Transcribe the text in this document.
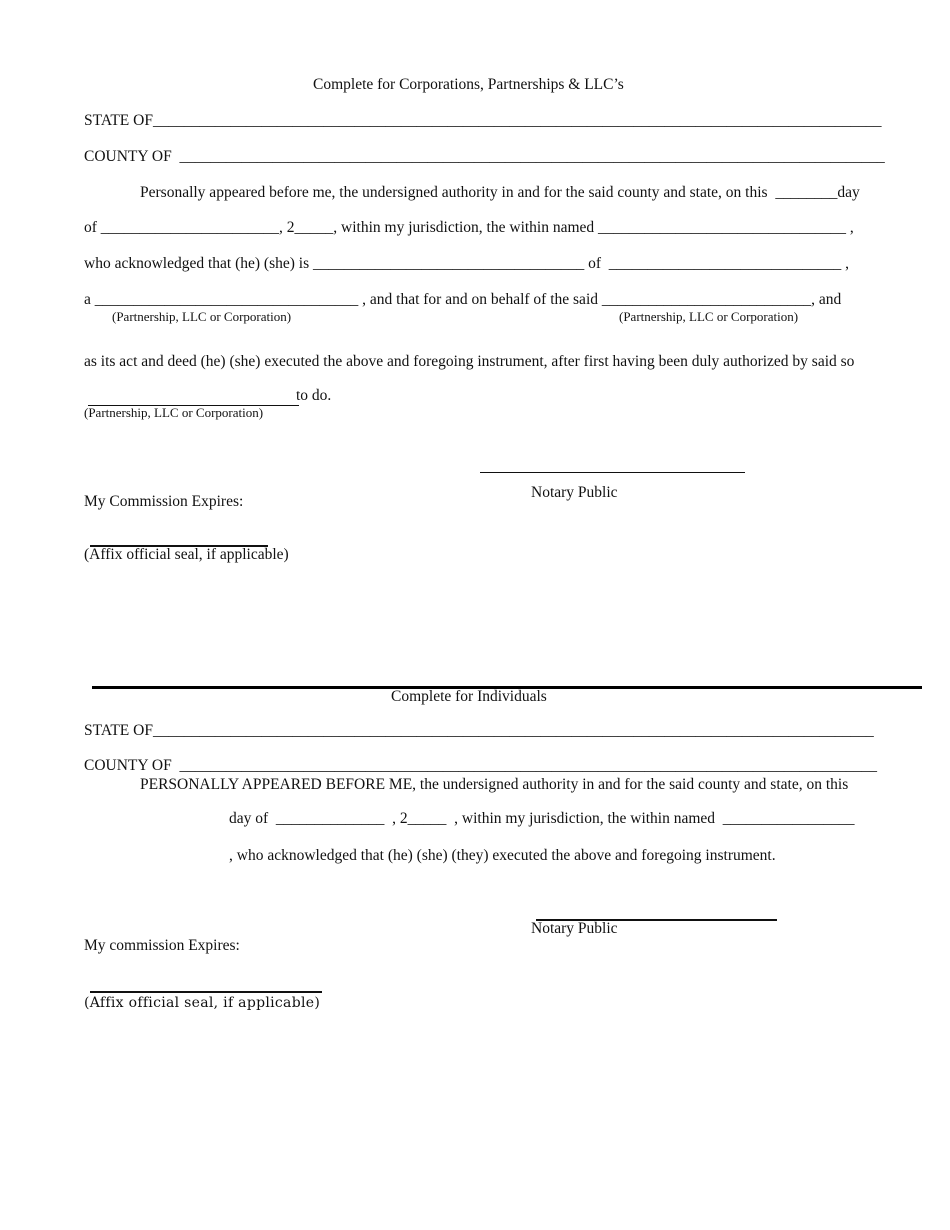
Complete for Corporations, Partnerships & LLC’s
STATE OF______________________________________________________________________________________________
COUNTY OF  ___________________________________________________________________________________________
Personally appeared before me, the undersigned authority in and for the said county and state, on this  ________day
of _______________________, 2_____, within my jurisdiction, the within named ________________________________ ,
who acknowledged that (he) (she) is ___________________________________ of  ______________________________ ,
a __________________________________ , and that for and on behalf of the said ___________________________, and
(Partnership, LLC or Corporation)	(Partnership, LLC or Corporation)
as its act and deed (he) (she) executed the above and foregoing instrument, after first having been duly authorized by said so
to do.
(Partnership, LLC or Corporation)
Notary Public
My Commission Expires:
(Affix official seal, if applicable)
Complete for Individuals
STATE OF_____________________________________________________________________________________________
COUNTY OF  __________________________________________________________________________________________
PERSONALLY APPEARED BEFORE ME, the undersigned authority in and for the said county and state, on this
day of  ______________  , 2_____  , within my jurisdiction, the within named  _________________
, who acknowledged that (he) (she) (they) executed the above and foregoing instrument.
Notary Public
My commission Expires:
(Affix official seal, if applicable)
